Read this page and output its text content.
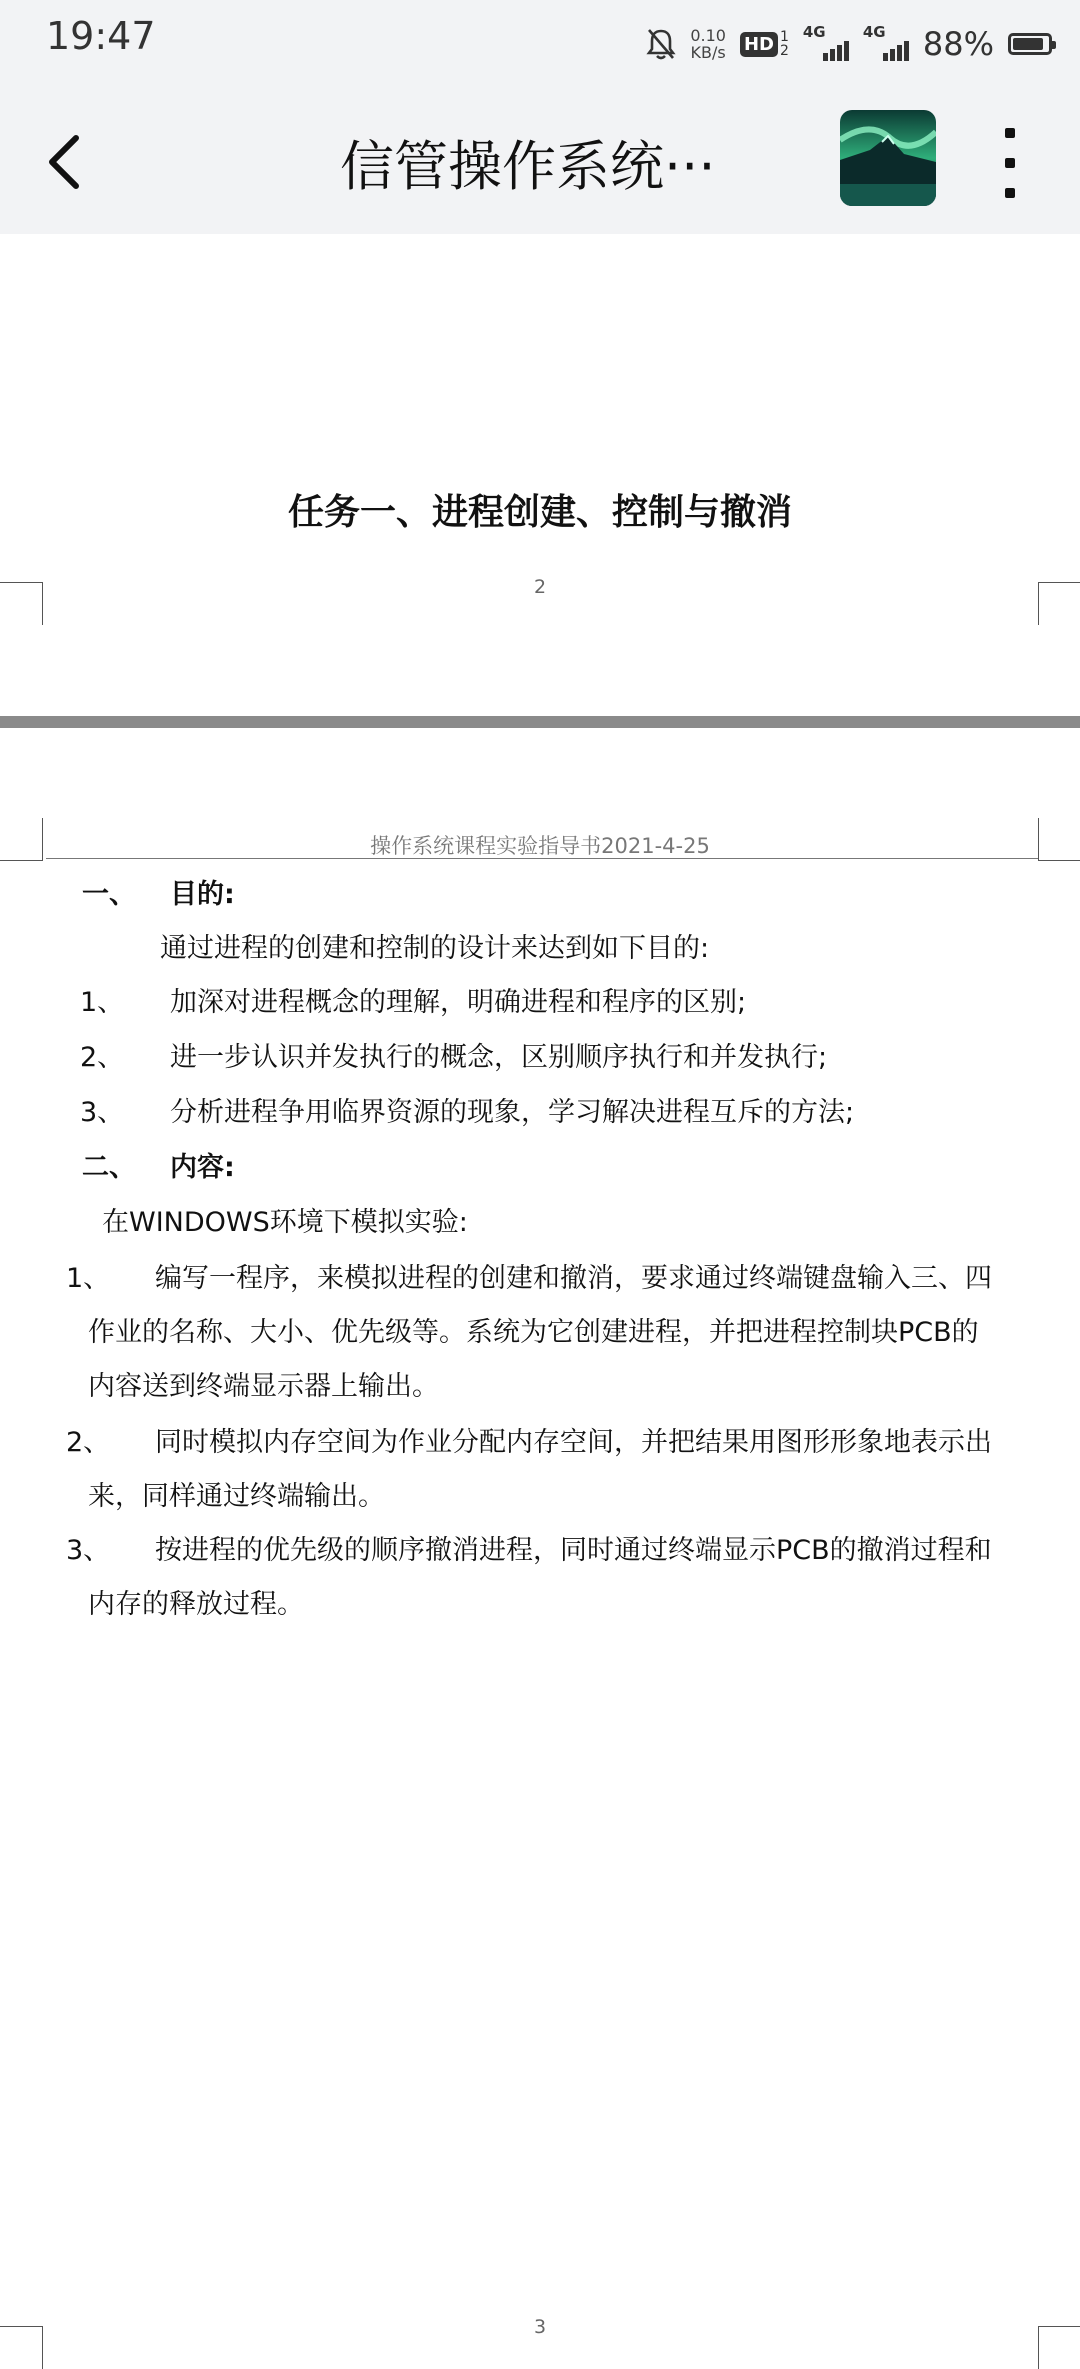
19:47	0.10
KB/s HD 1
2
4G 4G 88%
信管操作系统···
任务一、进程创建、控制与撤消
2
操作系统课程实验指导书2021-4-25
一、 目的:
通过进程的创建和控制的设计来达到如下目的:
1、 加深对进程概念的理解，明确进程和程序的区别;
2、 进一步认识并发执行的概念，区别顺序执行和并发执行;
3、 分析进程争用临界资源的现象，学习解决进程互斥的方法;
二、 内容:
在WINDOWS环境下模拟实验:
1、 编写一程序，来模拟进程的创建和撤消，要求通过终端键盘输入三、四
作业的名称、大小、优先级等。系统为它创建进程，并把进程控制块PCB的
内容送到终端显示器上输出。
2、 同时模拟内存空间为作业分配内存空间，并把结果用图形形象地表示出
来，同样通过终端输出。
3、 按进程的优先级的顺序撤消进程，同时通过终端显示PCB的撤消过程和
内存的释放过程。
3
